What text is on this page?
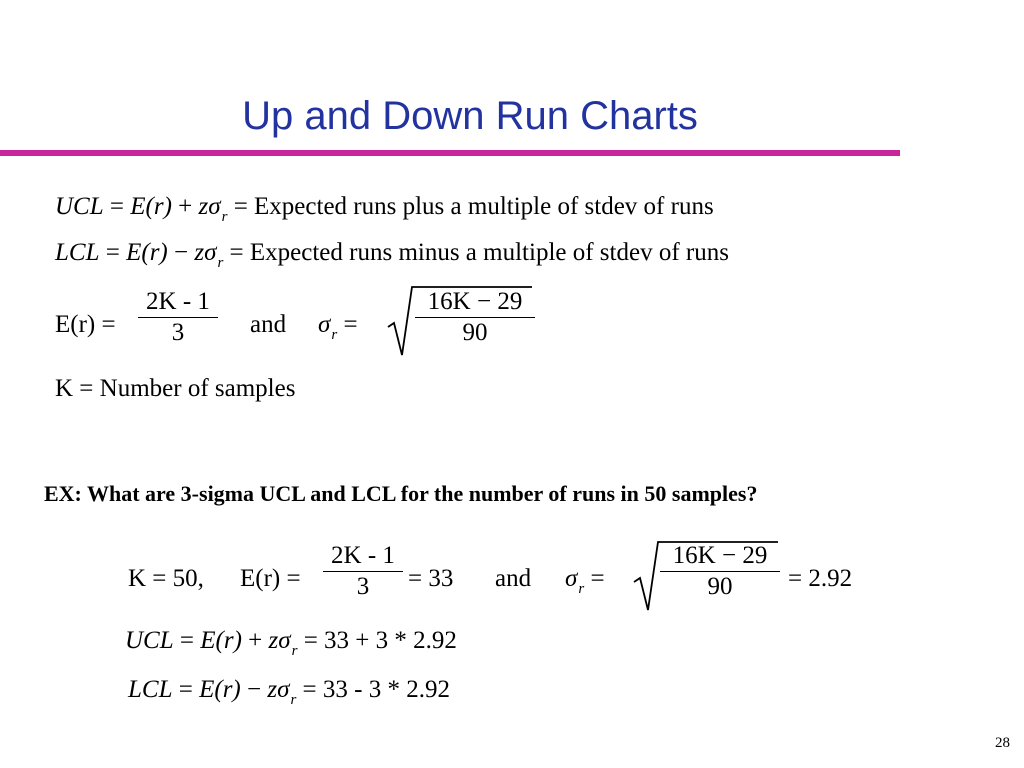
Up and Down Run Charts
UCL = $E(r) + z\sigma_r$ = Expected runs plus a multiple of stdev of runs
LCL = $E(r) - z\sigma_r$ = Expected runs minus a multiple of stdev of runs
$E(r) = \frac{2K - 1}{3}$ and $\sigma_r = \frac{16K - 29}{90}$
K = Number of samples
EX: What are 3-sigma UCL and LCL for the number of runs in 50 samples?
K = 50, $E(r) = \frac{2K - 1}{3} = 33$ and $\sigma_r = \frac{16K - 29}{90} = 2.92$
UCL = $E(r) + z\sigma_r = 33 + 3 * 2.92$
LCL = $E(r) - z\sigma_r = 33 - 3 * 2.92$
28
